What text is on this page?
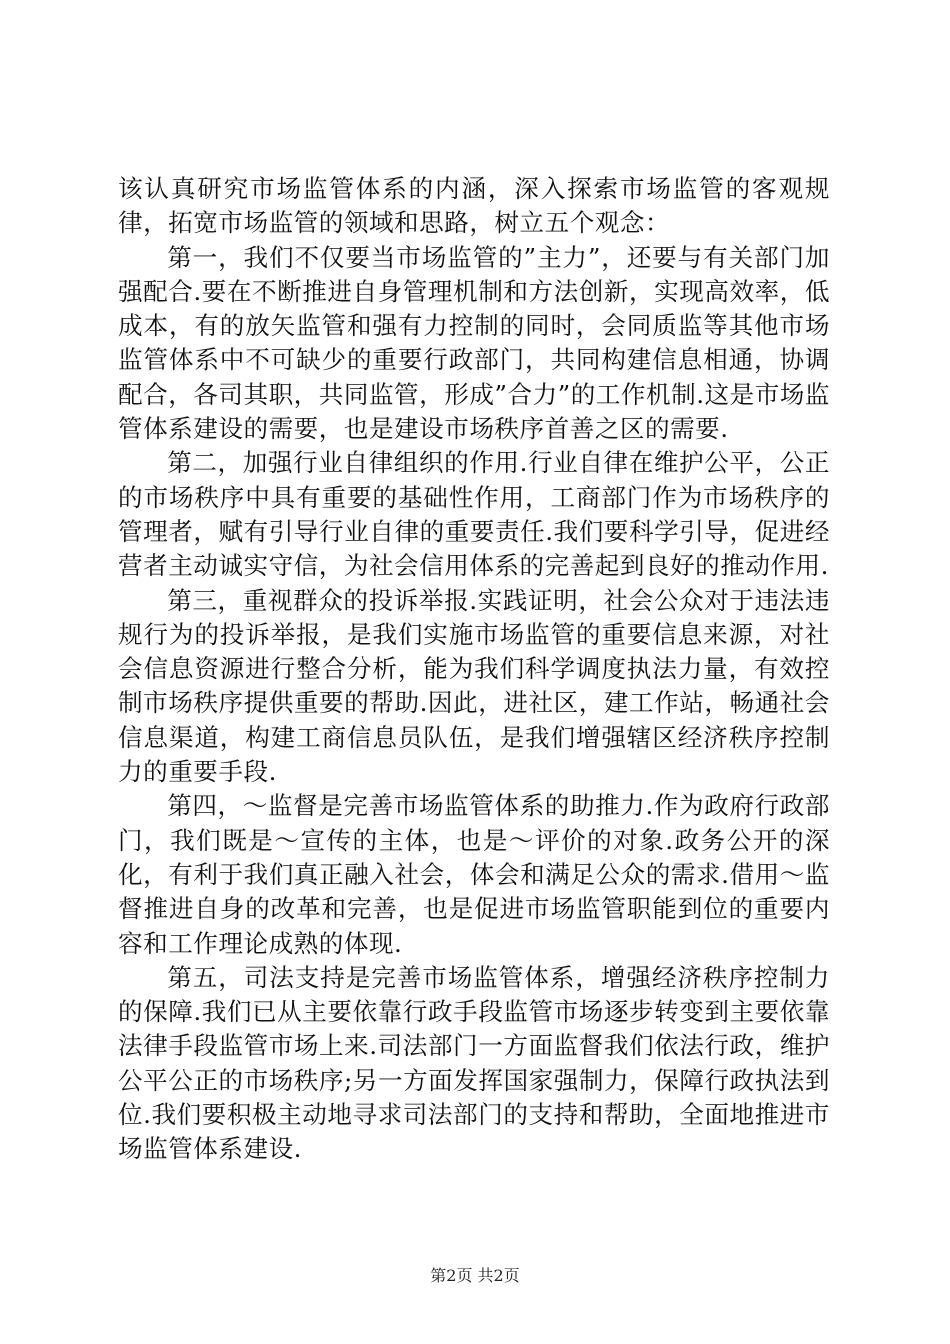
该认真研究市场监管体系的内涵，深入探索市场监管的客观规律，拓宽市场监管的领域和思路，树立五个观念：

第一，我们不仅要当市场监管的”主力”，还要与有关部门加强配合.要在不断推进自身管理机制和方法创新，实现高效率，低成本，有的放矢监管和强有力控制的同时，会同质监等其他市场监管体系中不可缺少的重要行政部门，共同构建信息相通，协调配合，各司其职，共同监管，形成”合力”的工作机制.这是市场监管体系建设的需要，也是建设市场秩序首善之区的需要.

第二，加强行业自律组织的作用.行业自律在维护公平，公正的市场秩序中具有重要的基础性作用，工商部门作为市场秩序的管理者，赋有引导行业自律的重要责任.我们要科学引导，促进经营者主动诚实守信，为社会信用体系的完善起到良好的推动作用.

第三，重视群众的投诉举报.实践证明，社会公众对于违法违规行为的投诉举报，是我们实施市场监管的重要信息来源，对社会信息资源进行整合分析，能为我们科学调度执法力量，有效控制市场秩序提供重要的帮助.因此，进社区，建工作站，畅通社会信息渠道，构建工商信息员队伍，是我们增强辖区经济秩序控制力的重要手段.

第四，～监督是完善市场监管体系的助推力.作为政府行政部门，我们既是～宣传的主体，也是～评价的对象.政务公开的深化，有利于我们真正融入社会，体会和满足公众的需求.借用～监督推进自身的改革和完善，也是促进市场监管职能到位的重要内容和工作理论成熟的体现.

第五，司法支持是完善市场监管体系，增强经济秩序控制力的保障.我们已从主要依靠行政手段监管市场逐步转变到主要依靠法律手段监管市场上来.司法部门一方面监督我们依法行政，维护公平公正的市场秩序;另一方面发挥国家强制力，保障行政执法到位.我们要积极主动地寻求司法部门的支持和帮助，全面地推进市场监管体系建设.

第2页 共2页
